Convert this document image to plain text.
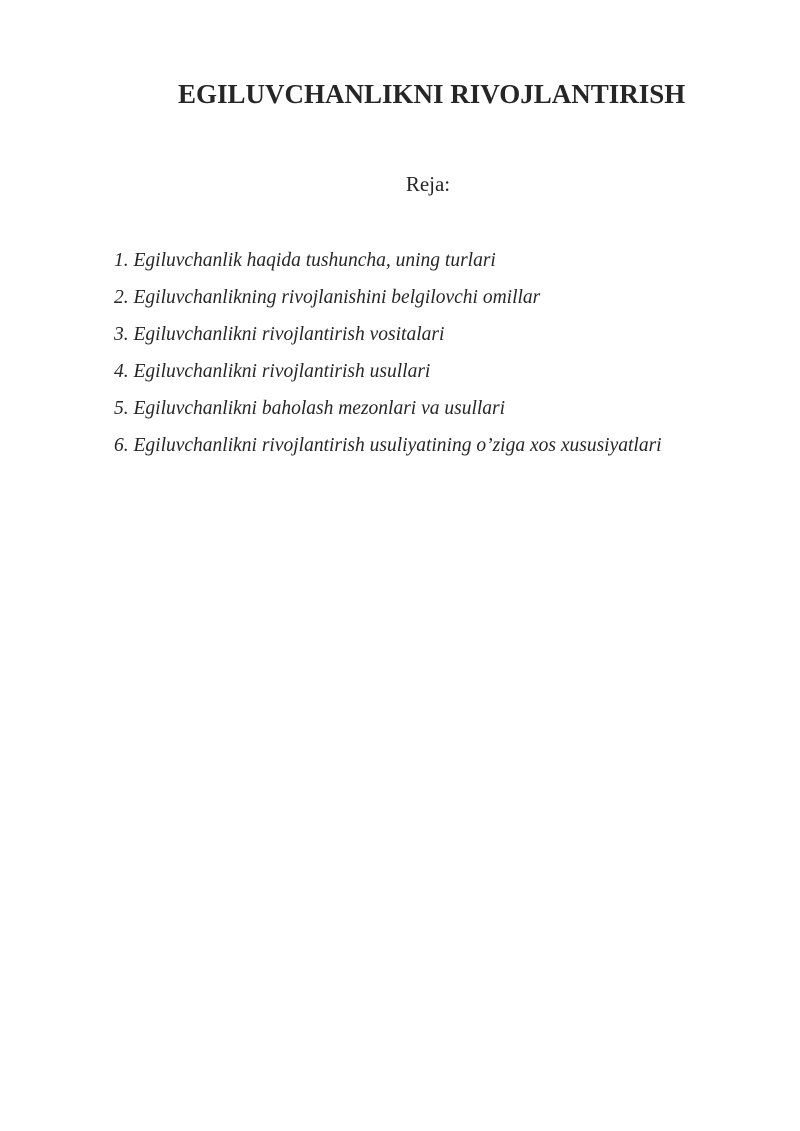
EGILUVCHANLIKNI RIVOJLANTIRISH

Reja:

1. Egiluvchanlik haqida tushuncha, uning turlari
2. Egiluvchanlikning rivojlanishini belgilovchi omillar
3. Egiluvchanlikni rivojlantirish vositalari
4. Egiluvchanlikni rivojlantirish usullari
5. Egiluvchanlikni baholash mezonlari va usullari
6. Egiluvchanlikni rivojlantirish usuliyatining o’ziga xos xususiyatlari
